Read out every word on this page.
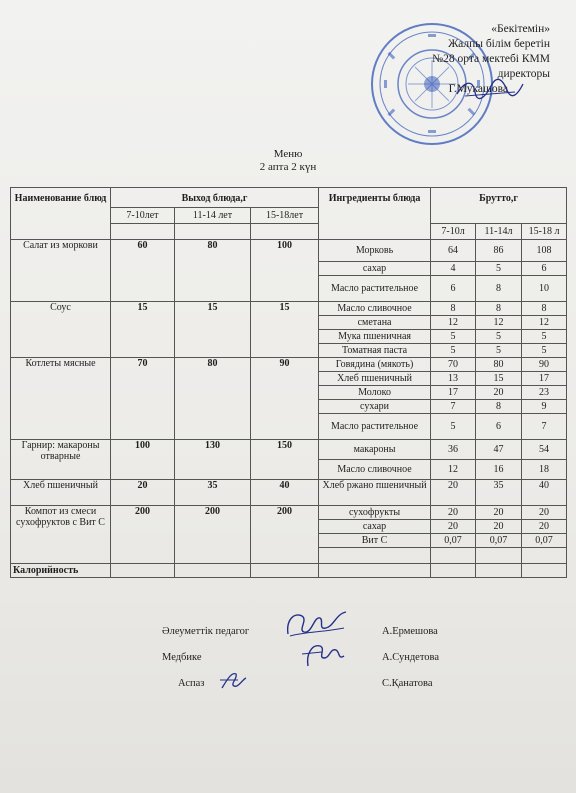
«Бекітемін»
Жалпы білім беретін
№28 орта мектебі КММ
директоры
Г.Мукашова
Меню
2 апта 2 күн
Наименование блюд	Выход блюда,г			Ингредиенты блюда	Брутто,г		
	7-10лет	11-14 лет	15-18лет				
					7-10л	11-14л	15-18 л
Салат из моркови	60	80	100	Морковь	64	86	108
				сахар	4	5	6
				Масло растительное	6	8	10
Соус	15	15	15	Масло сливочное	8	8	8
				сметана	12	12	12
				Мука пшеничная	5	5	5
				Томатная паста	5	5	5
Котлеты мясные	70	80	90	Говядина (мякоть)	70	80	90
				Хлеб пшеничный	13	15	17
				Молоко	17	20	23
				сухари	7	8	9
				Масло растительное	5	6	7
Гарнир: макароны отварные	100	130	150	макароны	36	47	54
				Масло сливочное	12	16	18
Хлеб пшеничный	20	35	40	Хлеб ржано пшеничный	20	35	40
Компот из смеси сухофруктов с Вит С	200	200	200	сухофрукты	20	20	20
				сахар	20	20	20
				Вит С	0,07	0,07	0,07

Калорийность							
Әлеуметтік педагог	А.Ермешова
Медбике	А.Сундетова
Аспаз	С.Қанатова
